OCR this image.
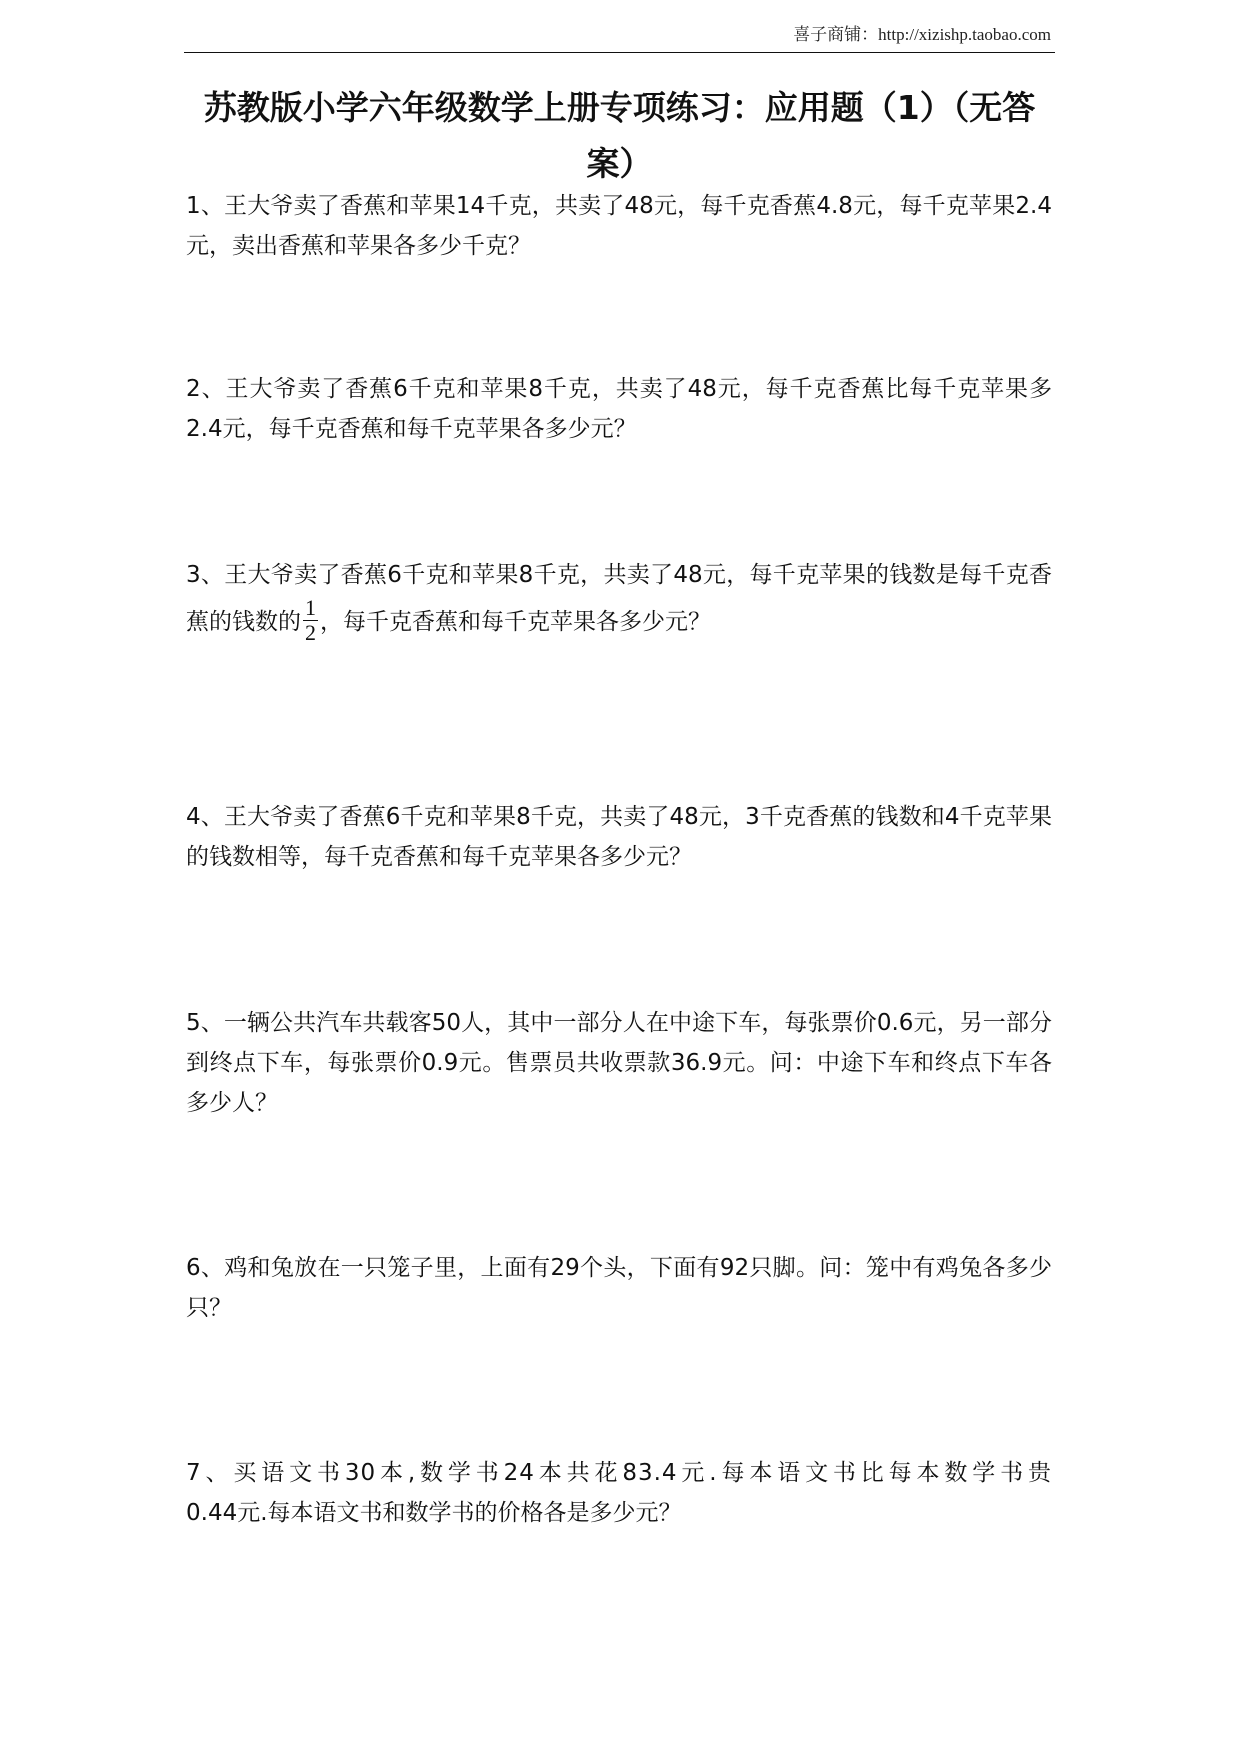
喜子商铺：http://xizishp.taobao.com
苏教版小学六年级数学上册专项练习：应用题（1）（无答案）
1、王大爷卖了香蕉和苹果14千克，共卖了48元，每千克香蕉4.8元，每千克苹果2.4元，卖出香蕉和苹果各多少千克？
2、王大爷卖了香蕉6千克和苹果8千克，共卖了48元，每千克香蕉比每千克苹果多2.4元，每千克香蕉和每千克苹果各多少元？
3、王大爷卖了香蕉6千克和苹果8千克，共卖了48元，每千克苹果的钱数是每千克香蕉的钱数的 $\frac{1}{2}$ ，每千克香蕉和每千克苹果各多少元？
4、王大爷卖了香蕉6千克和苹果8千克，共卖了48元，3千克香蕉的钱数和4千克苹果的钱数相等，每千克香蕉和每千克苹果各多少元？
5、一辆公共汽车共载客50人，其中一部分人在中途下车，每张票价0.6元，另一部分到终点下车，每张票价0.9元。售票员共收票款36.9元。问：中途下车和终点下车各多少人？
6、鸡和兔放在一只笼子里，上面有29个头，下面有92只脚。问：笼中有鸡兔各多少只？
7、买语文书30本,数学书24本共花83.4元.每本语文书比每本数学书贵
0.44元.每本语文书和数学书的价格各是多少元？
